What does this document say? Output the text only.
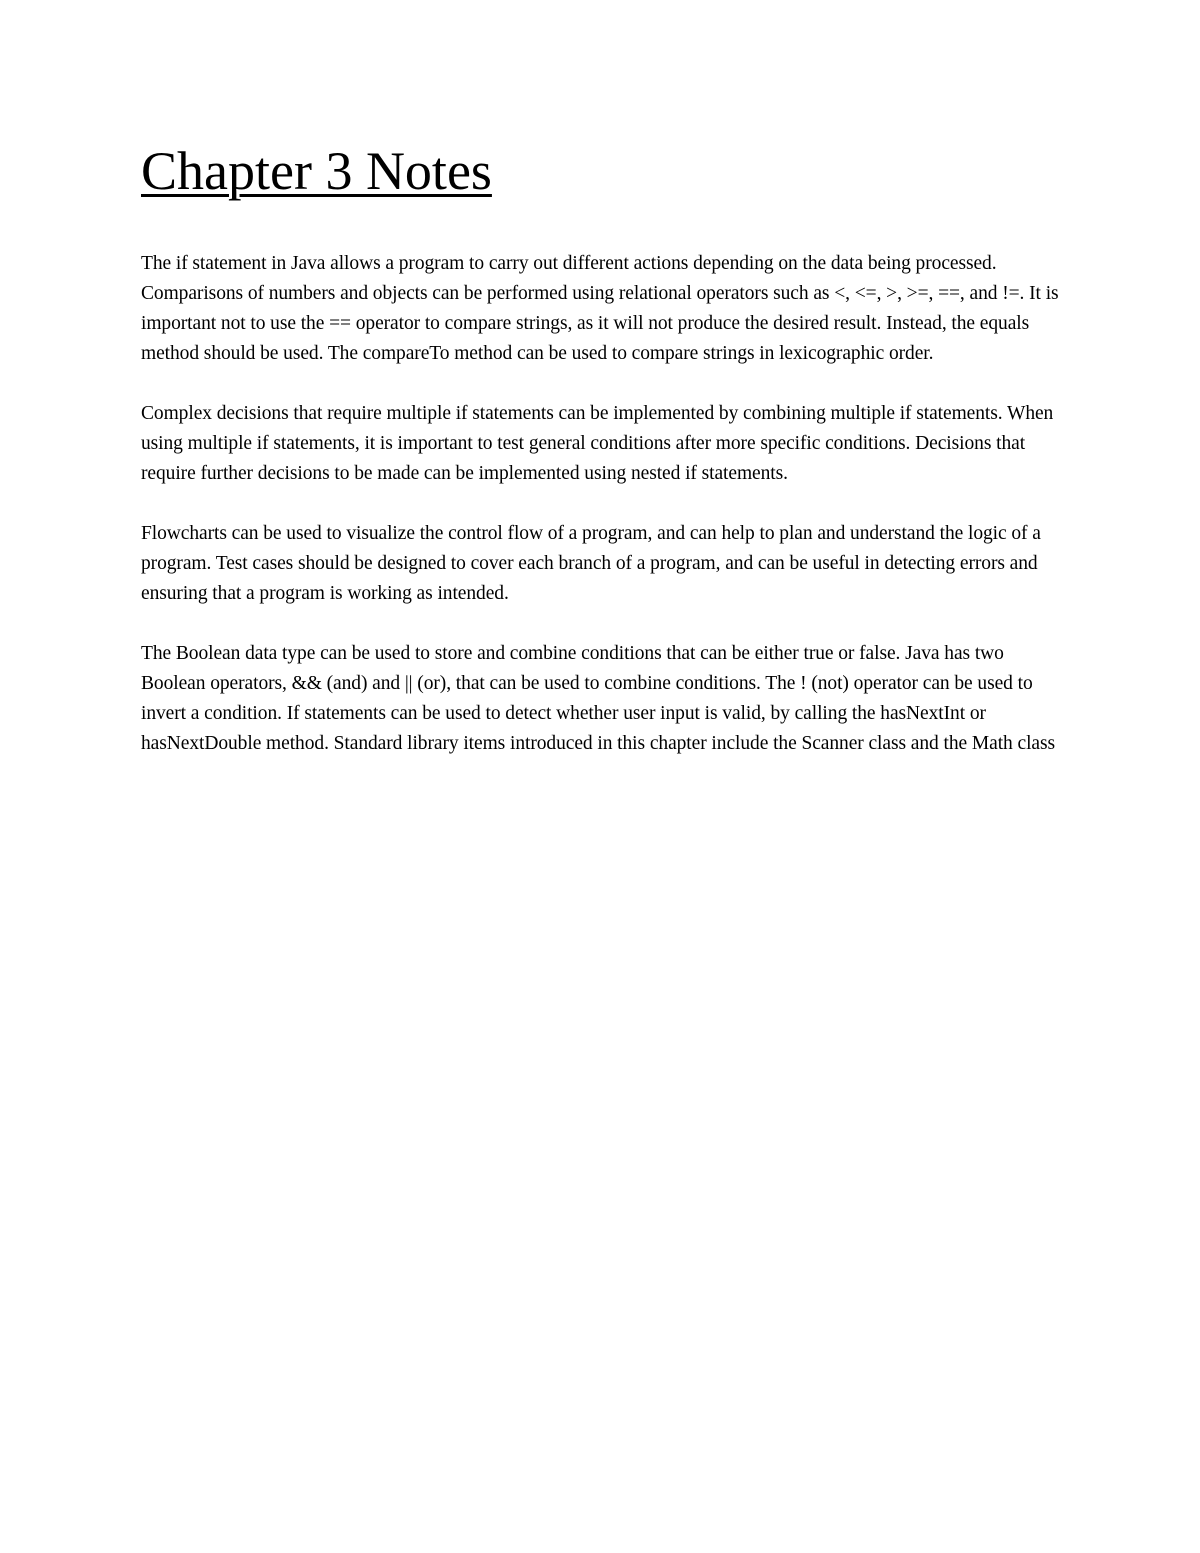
Chapter 3 Notes

The if statement in Java allows a program to carry out different actions depending on the data being processed. Comparisons of numbers and objects can be performed using relational operators such as <, <=, >, >=, ==, and !=. It is important not to use the == operator to compare strings, as it will not produce the desired result. Instead, the equals method should be used. The compareTo method can be used to compare strings in lexicographic order.

Complex decisions that require multiple if statements can be implemented by combining multiple if statements. When using multiple if statements, it is important to test general conditions after more specific conditions. Decisions that require further decisions to be made can be implemented using nested if statements.

Flowcharts can be used to visualize the control flow of a program, and can help to plan and understand the logic of a program. Test cases should be designed to cover each branch of a program, and can be useful in detecting errors and ensuring that a program is working as intended.

The Boolean data type can be used to store and combine conditions that can be either true or false. Java has two Boolean operators, && (and) and || (or), that can be used to combine conditions. The ! (not) operator can be used to invert a condition. If statements can be used to detect whether user input is valid, by calling the hasNextInt or hasNextDouble method. Standard library items introduced in this chapter include the Scanner class and the Math class
